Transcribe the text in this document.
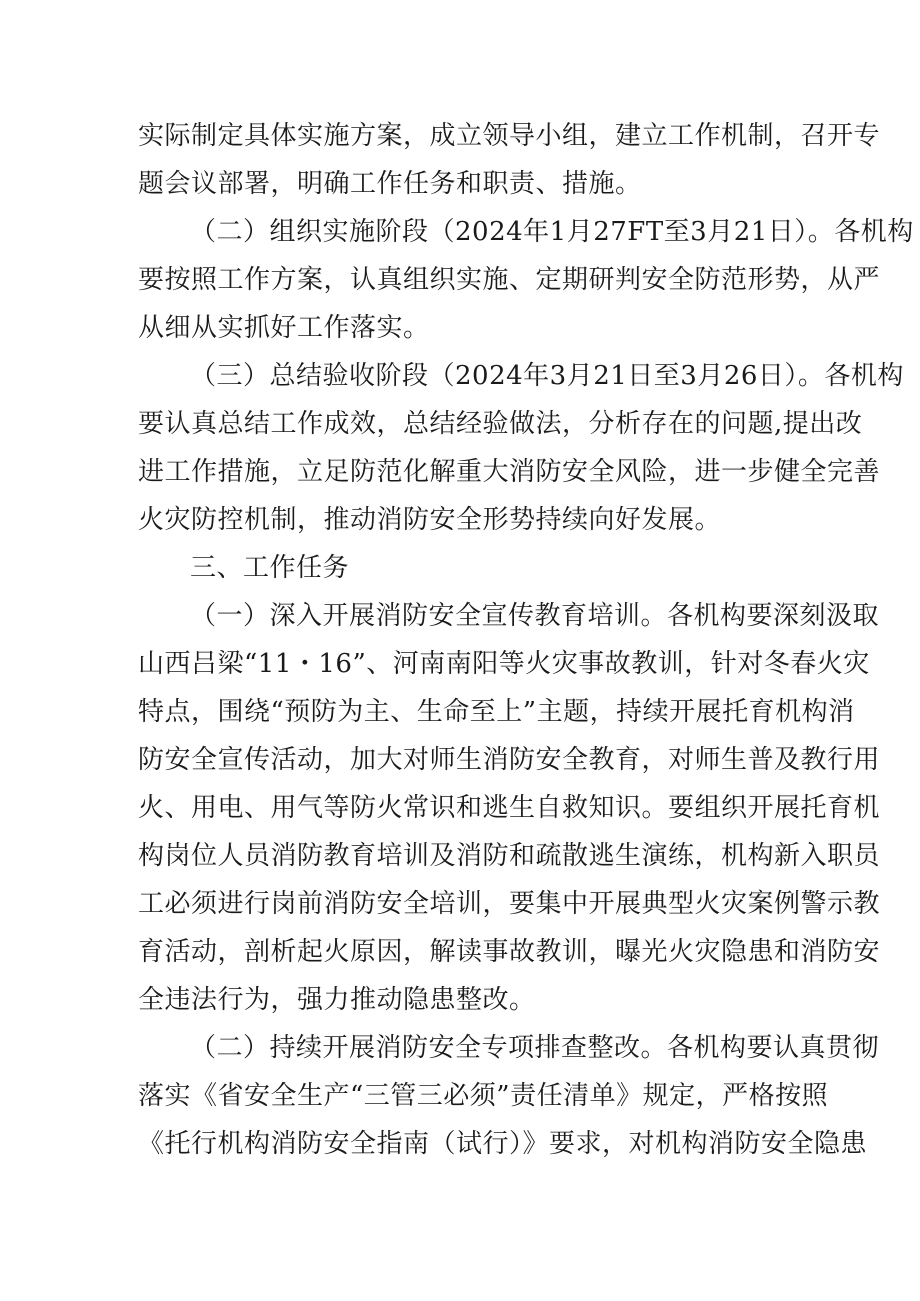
实际制定具体实施方案，成立领导小组，建立工作机制，召开专
题会议部署，明确工作任务和职责、措施。
（二）组织实施阶段（2024年1月27FT至3月21日）。各机构
要按照工作方案，认真组织实施、定期研判安全防范形势，从严
从细从实抓好工作落实。
（三）总结验收阶段（2024年3月21日至3月26日）。各机构
要认真总结工作成效，总结经验做法，分析存在的问题,提出改
进工作措施，立足防范化解重大消防安全风险，进一步健全完善
火灾防控机制，推动消防安全形势持续向好发展。
三、工作任务
（一）深入开展消防安全宣传教育培训。各机构要深刻汲取
山西吕梁“11・16”、河南南阳等火灾事故教训，针对冬春火灾
特点，围绕“预防为主、生命至上”主题，持续开展托育机构消
防安全宣传活动，加大对师生消防安全教育，对师生普及教行用
火、用电、用气等防火常识和逃生自救知识。要组织开展托育机
构岗位人员消防教育培训及消防和疏散逃生演练，机构新入职员
工必须进行岗前消防安全培训，要集中开展典型火灾案例警示教
育活动，剖析起火原因，解读事故教训，曝光火灾隐患和消防安
全违法行为，强力推动隐患整改。
（二）持续开展消防安全专项排查整改。各机构要认真贯彻
落实《省安全生产“三管三必须”责任清单》规定，严格按照
《托行机构消防安全指南（试行）》要求，对机构消防安全隐患
